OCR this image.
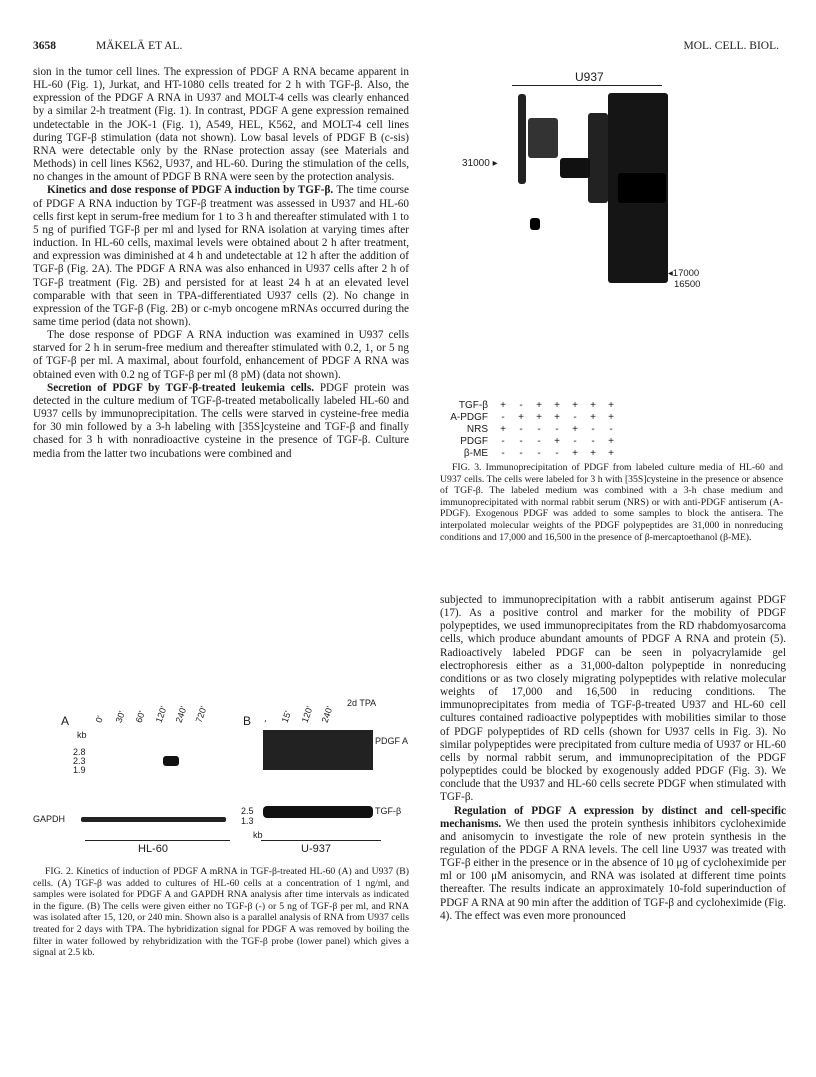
3658	MÄKELÄ ET AL.	MOL. CELL. BIOL.

sion in the tumor cell lines. The expression of PDGF A RNA became apparent in HL-60 (Fig. 1), Jurkat, and HT-1080 cells treated for 2 h with TGF-β. Also, the expression of the PDGF A RNA in U937 and MOLT-4 cells was clearly enhanced by a similar 2-h treatment (Fig. 1). In contrast, PDGF A gene expression remained undetectable in the JOK-1 (Fig. 1), A549, HEL, K562, and MOLT-4 cell lines during TGF-β stimulation (data not shown). Low basal levels of PDGF B (c-sis) RNA were detectable only by the RNase protection assay (see Materials and Methods) in cell lines K562, U937, and HL-60. During the stimulation of the cells, no changes in the amount of PDGF B RNA were seen by the protection analysis.

Kinetics and dose response of PDGF A induction by TGF-β. The time course of PDGF A RNA induction by TGF-β treatment was assessed in U937 and HL-60 cells first kept in serum-free medium for 1 to 3 h and thereafter stimulated with 1 to 5 ng of purified TGF-β per ml and lysed for RNA isolation at varying times after induction. In HL-60 cells, maximal levels were obtained about 2 h after treatment, and expression was diminished at 4 h and undetectable at 12 h after the addition of TGF-β (Fig. 2A). The PDGF A RNA was also enhanced in U937 cells after 2 h of TGF-β treatment (Fig. 2B) and persisted for at least 24 h at an elevated level comparable with that seen in TPA-differentiated U937 cells (2). No change in expression of the TGF-β (Fig. 2B) or c-myb oncogene mRNAs occurred during the same time period (data not shown).

The dose response of PDGF A RNA induction was examined in U937 cells starved for 2 h in serum-free medium and thereafter stimulated with 0.2, 1, or 5 ng of TGF-β per ml. A maximal, about fourfold, enhancement of PDGF A RNA was obtained even with 0.2 ng of TGF-β per ml (8 pM) (data not shown).

Secretion of PDGF by TGF-β-treated leukemia cells. PDGF protein was detected in the culture medium of TGF-β-treated metabolically labeled HL-60 and U937 cells by immunoprecipitation. The cells were starved in cysteine-free media for 30 min followed by a 3-h labeling with [35S]cysteine and TGF-β and finally chased for 3 h with nonradioactive cysteine in the presence of TGF-β. Culture media from the latter two incubations were combined and

U937
31000 ▸
◂17000
16500
TGF-β	+	-	+	+	+	+	+
A-PDGF	-	+	+	+	-	+	+
NRS	+	-	-	-	+	-	-
PDGF	-	-	-	+	-	-	+
β-ME	-	-	-	-	+	+	+

FIG. 3. Immunoprecipitation of PDGF from labeled culture media of HL-60 and U937 cells. The cells were labeled for 3 h with [35S]cysteine in the presence or absence of TGF-β. The labeled medium was combined with a 3-h chase medium and immunoprecipitated with normal rabbit serum (NRS) or with anti-PDGF antiserum (A-PDGF). Exogenous PDGF was added to some samples to block the antisera. The interpolated molecular weights of the PDGF polypeptides are 31,000 in nonreducing conditions and 17,000 and 16,500 in the presence of β-mercaptoethanol (β-ME).

subjected to immunoprecipitation with a rabbit antiserum against PDGF (17). As a positive control and marker for the mobility of PDGF polypeptides, we used immunoprecipitates from the RD rhabdomyosarcoma cells, which produce abundant amounts of PDGF A RNA and protein (5). Radioactively labeled PDGF can be seen in polyacrylamide gel electrophoresis either as a 31,000-dalton polypeptide in nonreducing conditions or as two closely migrating polypeptides with relative molecular weights of 17,000 and 16,500 in reducing conditions. The immunoprecipitates from media of TGF-β-treated U937 and HL-60 cell cultures contained radioactive polypeptides with mobilities similar to those of PDGF polypeptides of RD cells (shown for U937 cells in Fig. 3). No similar polypeptides were precipitated from culture media of U937 or HL-60 cells by normal rabbit serum, and immunoprecipitation of the PDGF polypeptides could be blocked by exogenously added PDGF (Fig. 3). We conclude that the U937 and HL-60 cells secrete PDGF when stimulated with TGF-β.

Regulation of PDGF A expression by distinct and cell-specific mechanisms. We then used the protein synthesis inhibitors cycloheximide and anisomycin to investigate the role of new protein synthesis in the regulation of the PDGF A RNA levels. The cell line U937 was treated with TGF-β either in the presence or in the absence of 10 μg of cycloheximide per ml or 100 μM anisomycin, and RNA was isolated at different time points thereafter. The results indicate an approximately 10-fold superinduction of PDGF A RNA at 90 min after the addition of TGF-β and cycloheximide (Fig. 4). The effect was even more pronounced

A	B
kb
0' 30' 60' 120' 240' 720'	- 15' 120' 240'
2d TPA
2.8
2.3
1.9
PDGF A
GAPDH
2.5
1.3
TGF-β
kb
HL-60	U-937

FIG. 2. Kinetics of induction of PDGF A mRNA in TGF-β-treated HL-60 (A) and U937 (B) cells. (A) TGF-β was added to cultures of HL-60 cells at a concentration of 1 ng/ml, and samples were isolated for PDGF A and GAPDH RNA analysis after time intervals as indicated in the figure. (B) The cells were given either no TGF-β (-) or 5 ng of TGF-β per ml, and RNA was isolated after 15, 120, or 240 min. Shown also is a parallel analysis of RNA from U937 cells treated for 2 days with TPA. The hybridization signal for PDGF A was removed by boiling the filter in water followed by rehybridization with the TGF-β probe (lower panel) which gives a signal at 2.5 kb.
